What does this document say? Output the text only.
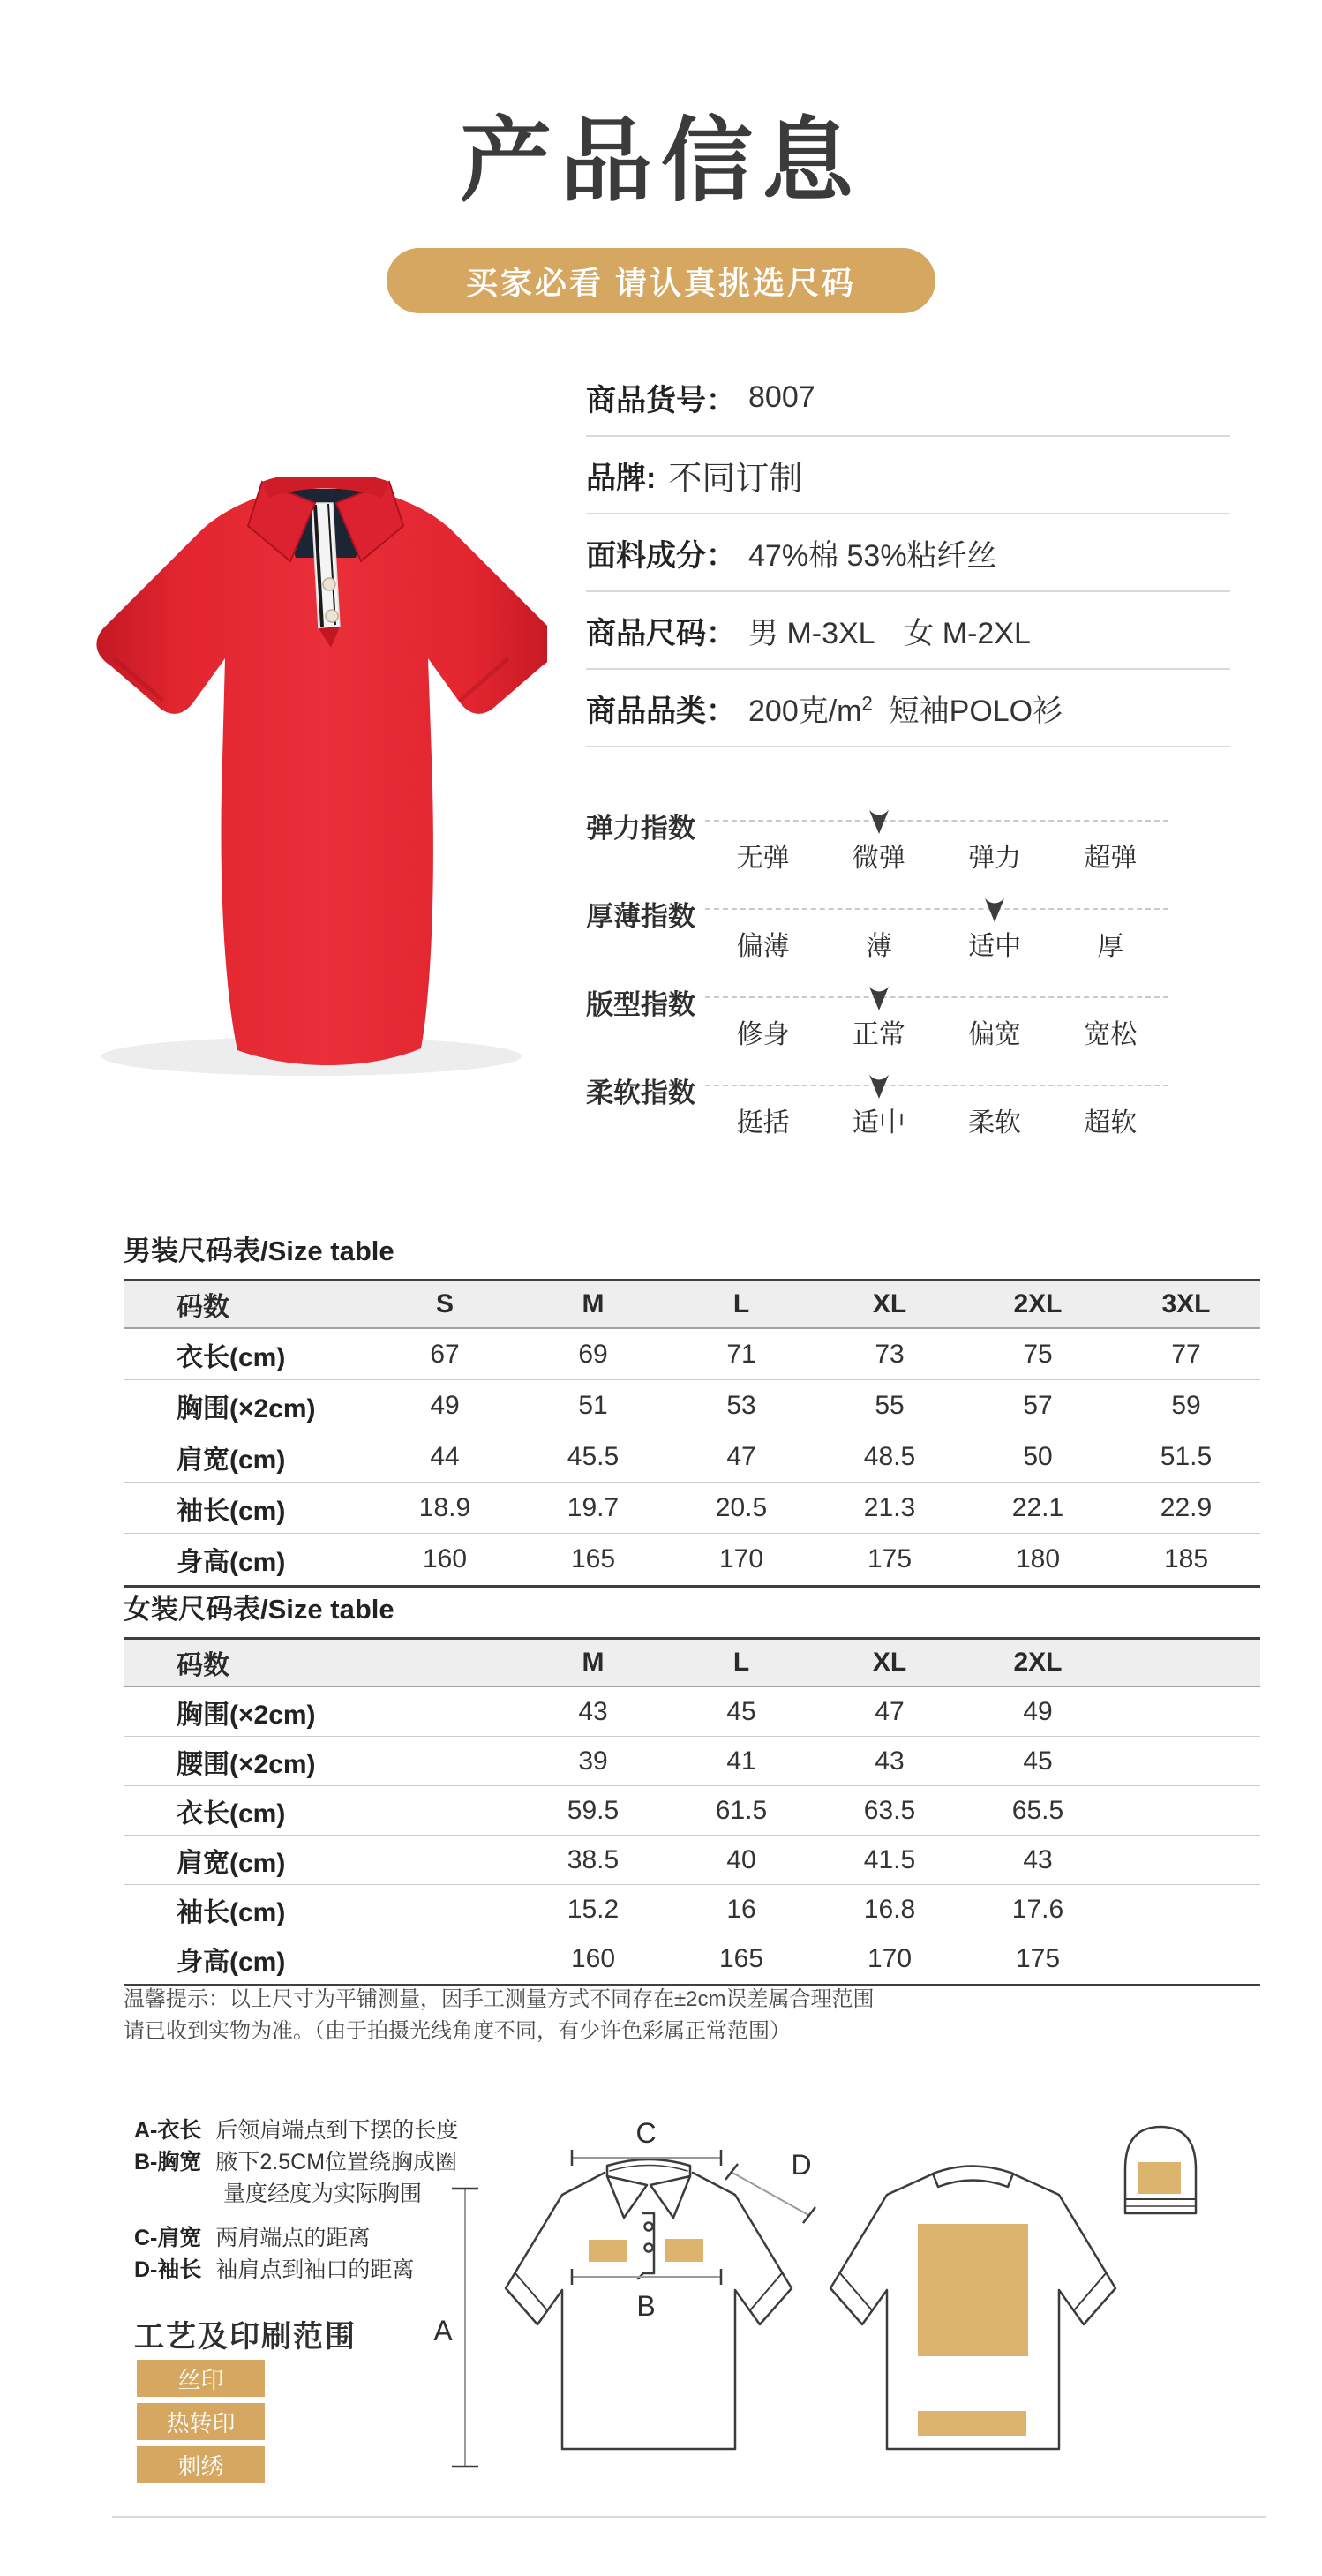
产品信息
买家必看 请认真挑选尺码
商品货号： 8007
品牌: 不同订制
面料成分： 47%棉 53%粘纤丝
商品尺码： 男 M-3XL　女 M-2XL
商品品类： 200克$/m^2$  短袖POLO衫
弹力指数
无弹	微弹	弹力	超弹
厚薄指数
偏薄	薄	适中	厚
版型指数
修身	正常	偏宽	宽松
柔软指数
挺括	适中	柔软	超软
男装尺码表/Size table
码数	S	M	L	XL	2XL	3XL
衣长(cm)	67	69	71	73	75	77
胸围(×2cm)	49	51	53	55	57	59
肩宽(cm)	44	45.5	47	48.5	50	51.5
袖长(cm)	18.9	19.7	20.5	21.3	22.1	22.9
身高(cm)	160	165	170	175	180	185
女装尺码表/Size table
码数	M	L	XL	2XL
胸围(×2cm)	43	45	47	49
腰围(×2cm)	39	41	43	45
衣长(cm)	59.5	61.5	63.5	65.5
肩宽(cm)	38.5	40	41.5	43
袖长(cm)	15.2	16	16.8	17.6
身高(cm)	160	165	170	175
温馨提示：以上尺寸为平铺测量，因手工测量方式不同存在±2cm误差属合理范围
请已收到实物为准。（由于拍摄光线角度不同，有少许色彩属正常范围）
A-衣长 后领肩端点到下摆的长度
B-胸宽 腋下2.5CM位置绕胸成圈
量度经度为实际胸围
C-肩宽 两肩端点的距离
D-袖长 袖肩点到袖口的距离
工艺及印刷范围
丝印
热转印
刺绣
C
D
B
A
